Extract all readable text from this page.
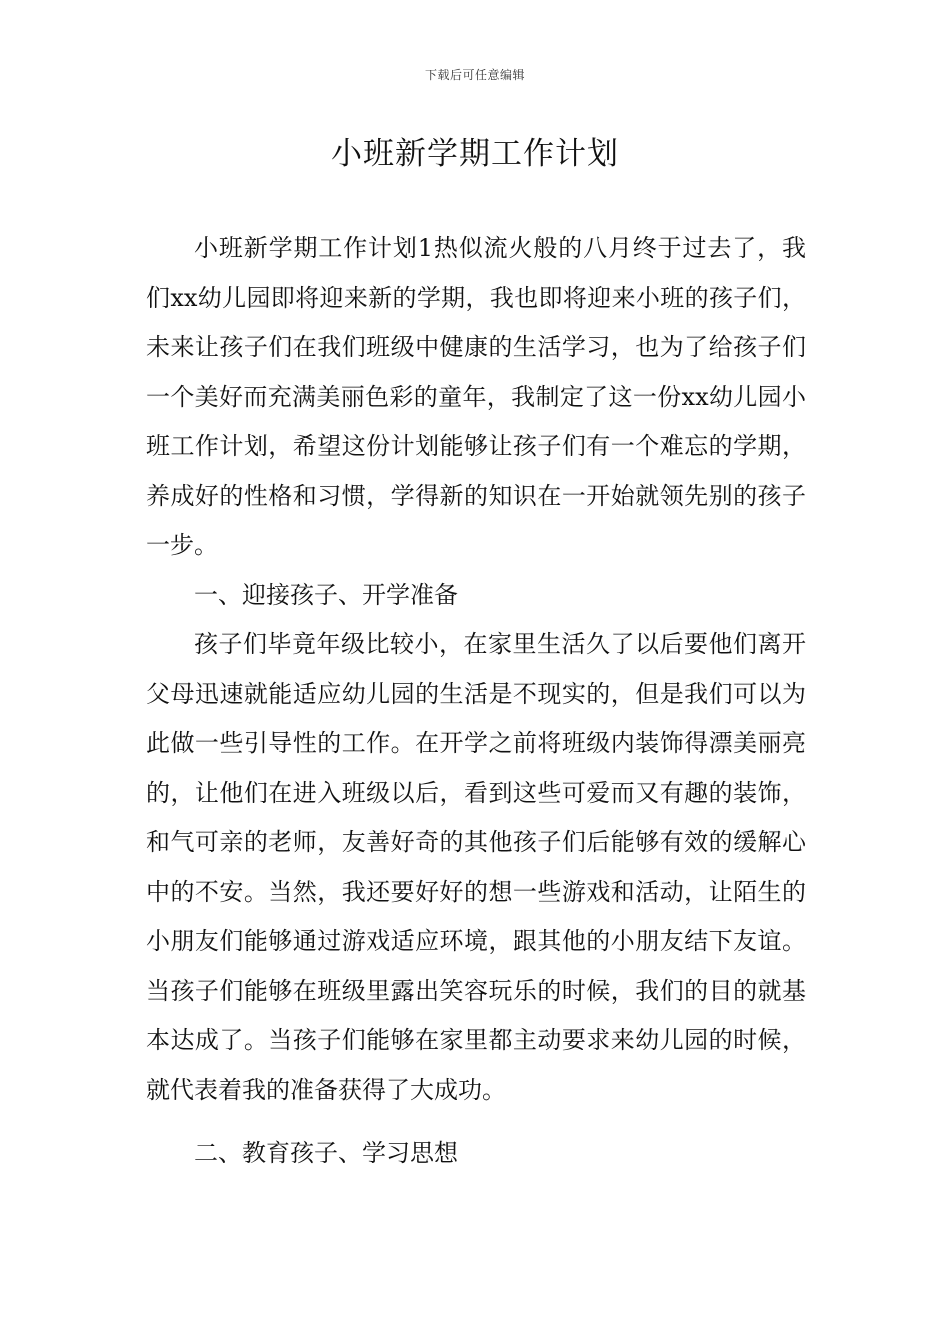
下载后可任意编辑
小班新学期工作计划

小班新学期工作计划1热似流火般的八月终于过去了，我们xx幼儿园即将迎来新的学期，我也即将迎来小班的孩子们，未来让孩子们在我们班级中健康的生活学习，也为了给孩子们一个美好而充满美丽色彩的童年，我制定了这一份xx幼儿园小班工作计划，希望这份计划能够让孩子们有一个难忘的学期，养成好的性格和习惯，学得新的知识在一开始就领先别的孩子一步。

一、迎接孩子、开学准备

孩子们毕竟年级比较小，在家里生活久了以后要他们离开父母迅速就能适应幼儿园的生活是不现实的，但是我们可以为此做一些引导性的工作。在开学之前将班级内装饰得漂美丽亮的，让他们在进入班级以后，看到这些可爱而又有趣的装饰，和气可亲的老师，友善好奇的其他孩子们后能够有效的缓解心中的不安。当然，我还要好好的想一些游戏和活动，让陌生的小朋友们能够通过游戏适应环境，跟其他的小朋友结下友谊。当孩子们能够在班级里露出笑容玩乐的时候，我们的目的就基本达成了。当孩子们能够在家里都主动要求来幼儿园的时候，就代表着我的准备获得了大成功。

二、教育孩子、学习思想
